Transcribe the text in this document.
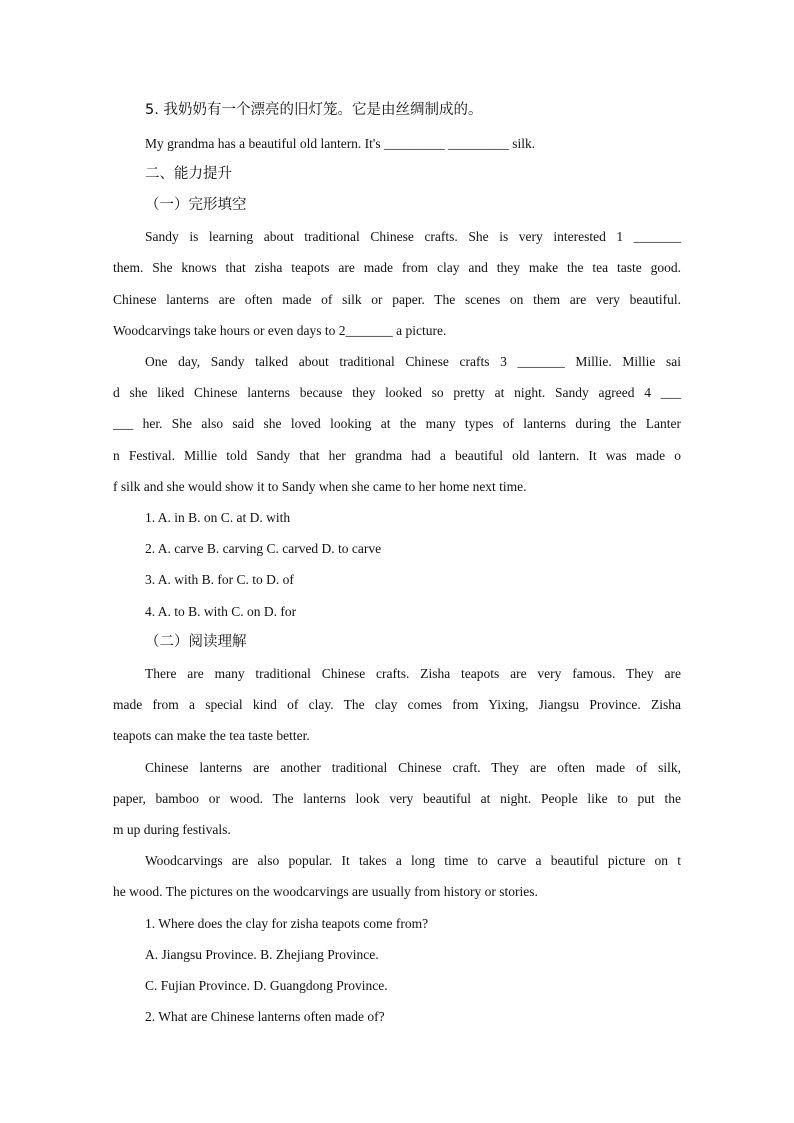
5. 我奶奶有一个漂亮的旧灯笼。它是由丝绸制成的。
My grandma has a beautiful old lantern. It's _________ _________ silk.
二、能力提升
（一）完形填空
Sandy is learning about traditional Chinese crafts. She is very interested 1 _______
them. She knows that zisha teapots are made from clay and they make the tea taste good.
Chinese lanterns are often made of silk or paper. The scenes on them are very beautiful.
Woodcarvings take hours or even days to 2_______ a picture.
One day, Sandy talked about traditional Chinese crafts 3 _______ Millie. Millie sai
d she liked Chinese lanterns because they looked so pretty at night. Sandy agreed 4 ___
___ her. She also said she loved looking at the many types of lanterns during the Lanter
n Festival. Millie told Sandy that her grandma had a beautiful old lantern. It was made o
f silk and she would show it to Sandy when she came to her home next time.
1. A. in B. on C. at D. with
2. A. carve B. carving C. carved D. to carve
3. A. with B. for C. to D. of
4. A. to B. with C. on D. for
（二）阅读理解
There are many traditional Chinese crafts. Zisha teapots are very famous. They are
made from a special kind of clay. The clay comes from Yixing, Jiangsu Province. Zisha
teapots can make the tea taste better.
Chinese lanterns are another traditional Chinese craft. They are often made of silk,
paper, bamboo or wood. The lanterns look very beautiful at night. People like to put the
m up during festivals.
Woodcarvings are also popular. It takes a long time to carve a beautiful picture on t
he wood. The pictures on the woodcarvings are usually from history or stories.
1. Where does the clay for zisha teapots come from?
A. Jiangsu Province. B. Zhejiang Province.
C. Fujian Province. D. Guangdong Province.
2. What are Chinese lanterns often made of?
